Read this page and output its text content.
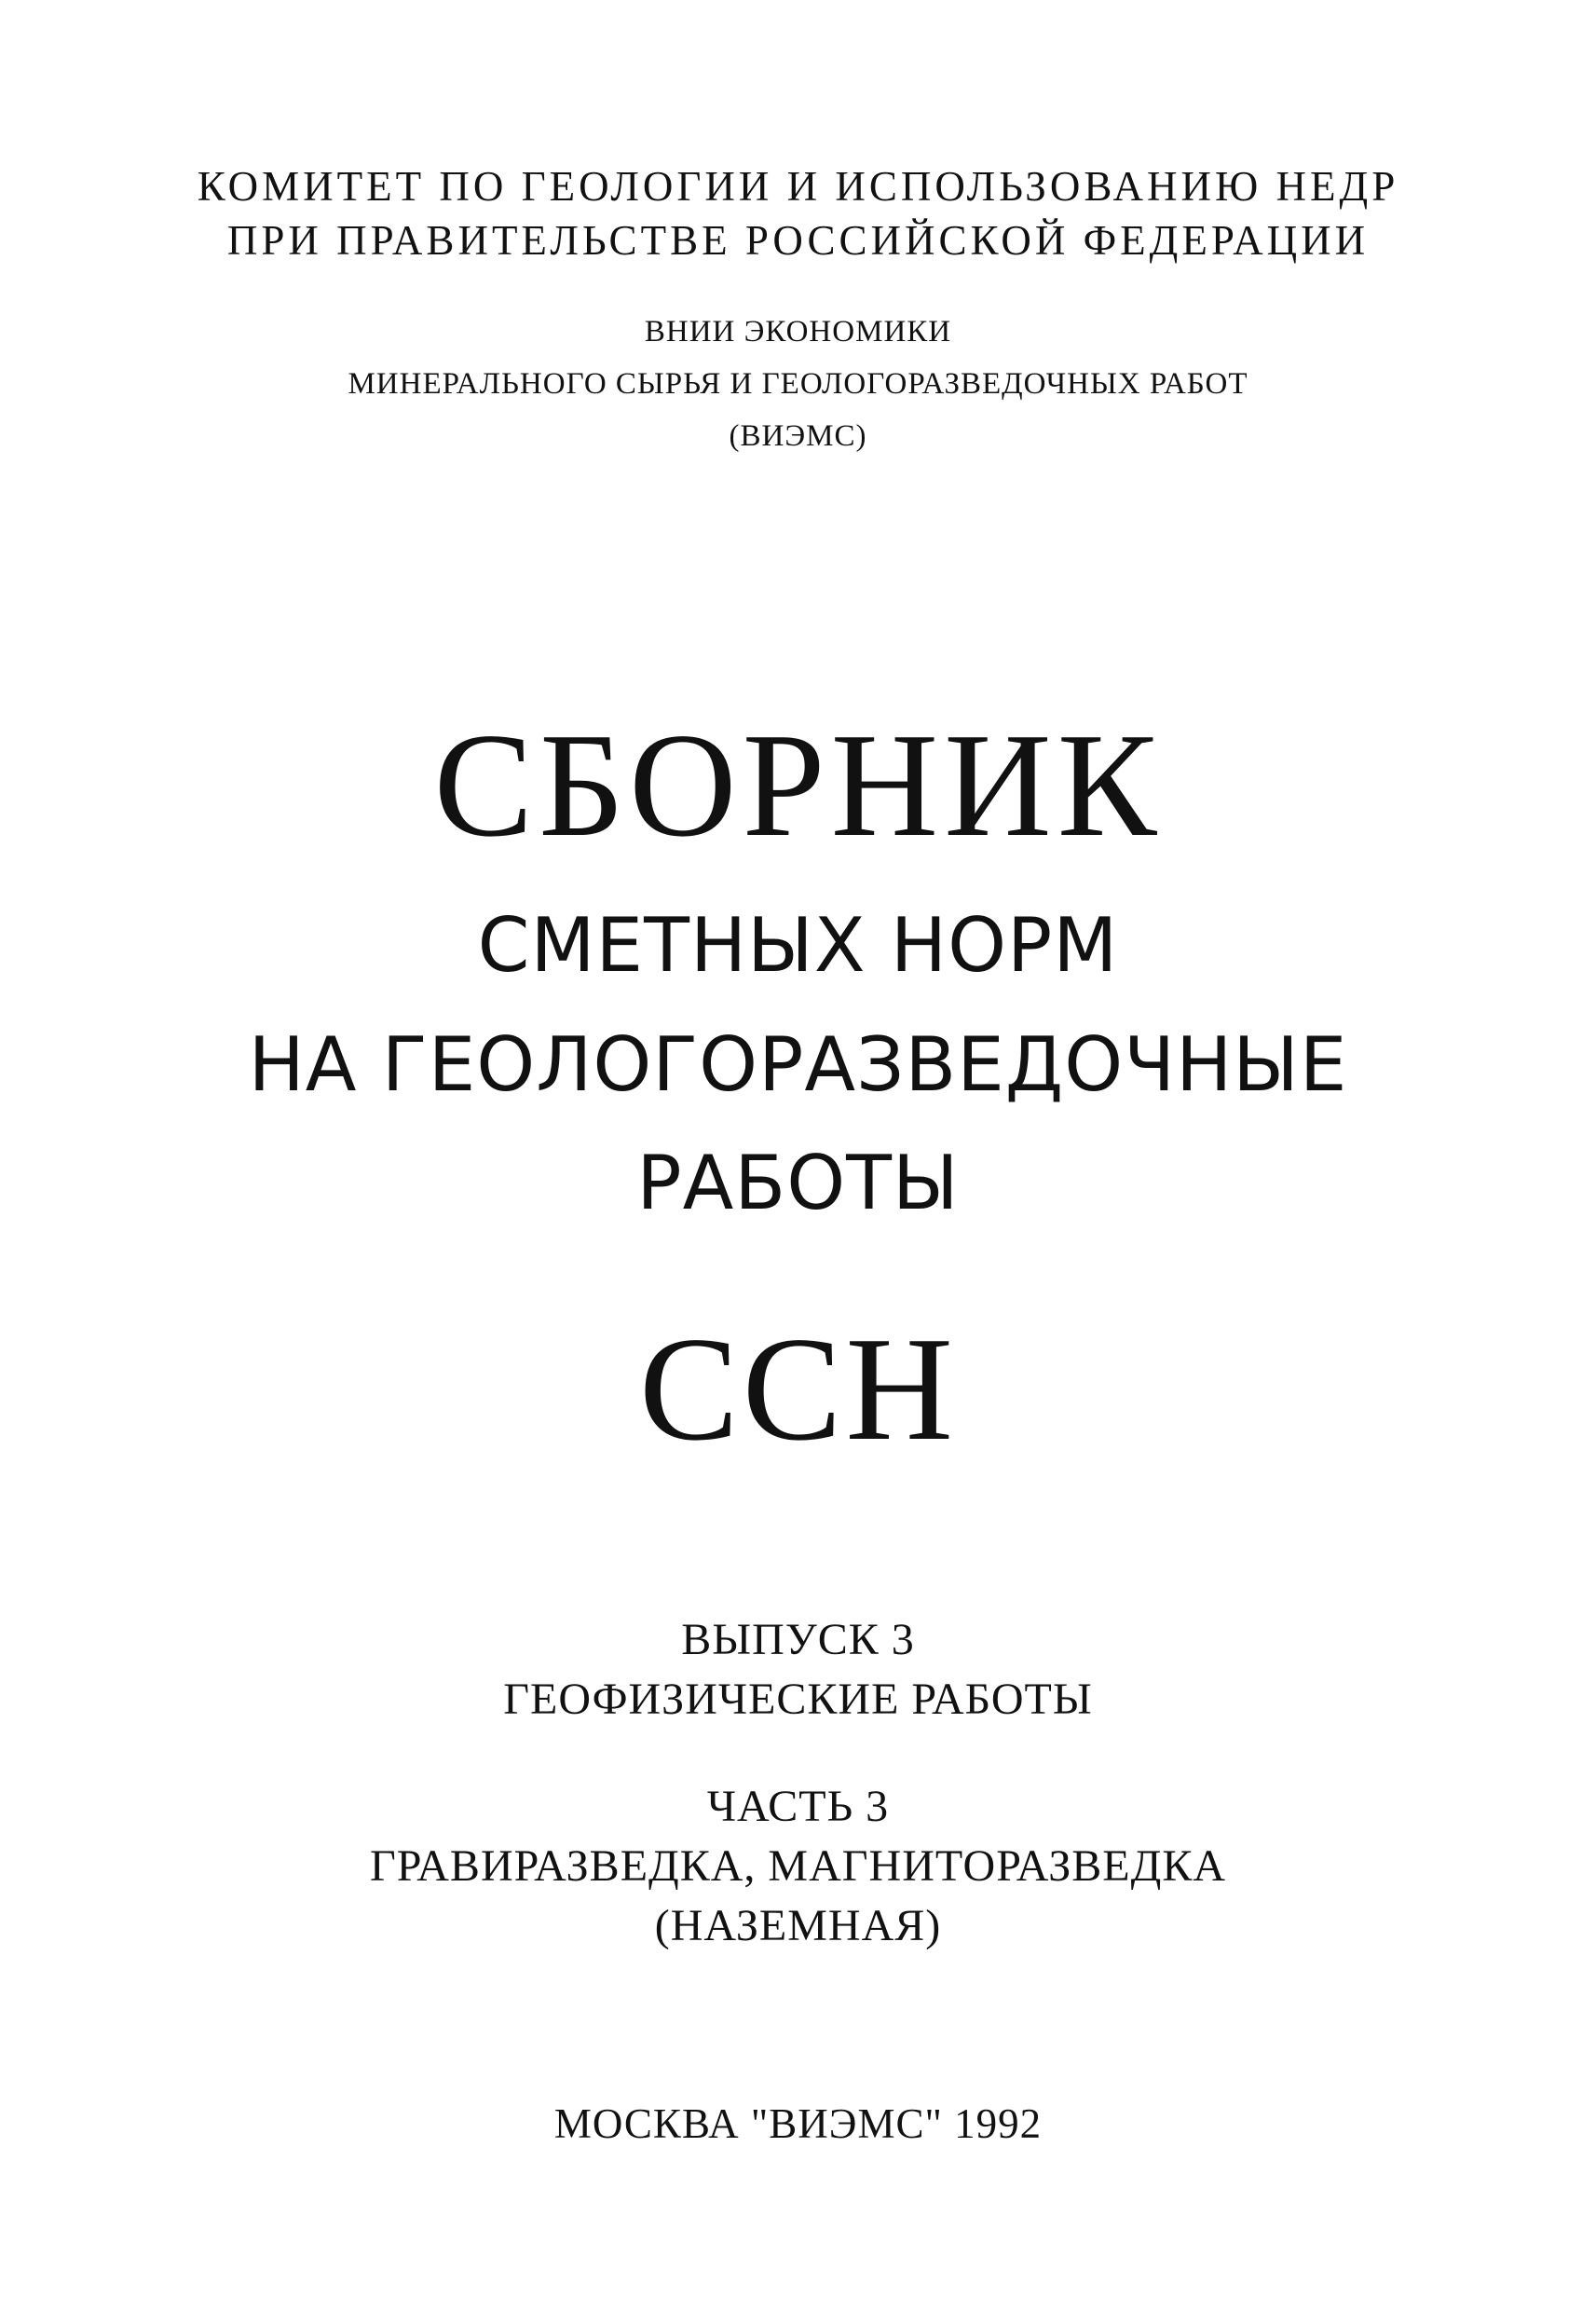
КОМИТЕТ ПО ГЕОЛОГИИ И ИСПОЛЬЗОВАНИЮ НЕДР
ПРИ ПРАВИТЕЛЬСТВЕ РОССИЙСКОЙ ФЕДЕРАЦИИ
ВНИИ ЭКОНОМИКИ
МИНЕРАЛЬНОГО СЫРЬЯ И ГЕОЛОГОРАЗВЕДОЧНЫХ РАБОТ
(ВИЭМС)
СБОРНИК
СМЕТНЫХ НОРМ
НА ГЕОЛОГОРАЗВЕДОЧНЫЕ
РАБОТЫ
ССН
ВЫПУСК 3
ГЕОФИЗИЧЕСКИЕ РАБОТЫ
ЧАСТЬ 3
ГРАВИРАЗВЕДКА, МАГНИТОРАЗВЕДКА
(НАЗЕМНАЯ)
МОСКВА "ВИЭМС" 1992
